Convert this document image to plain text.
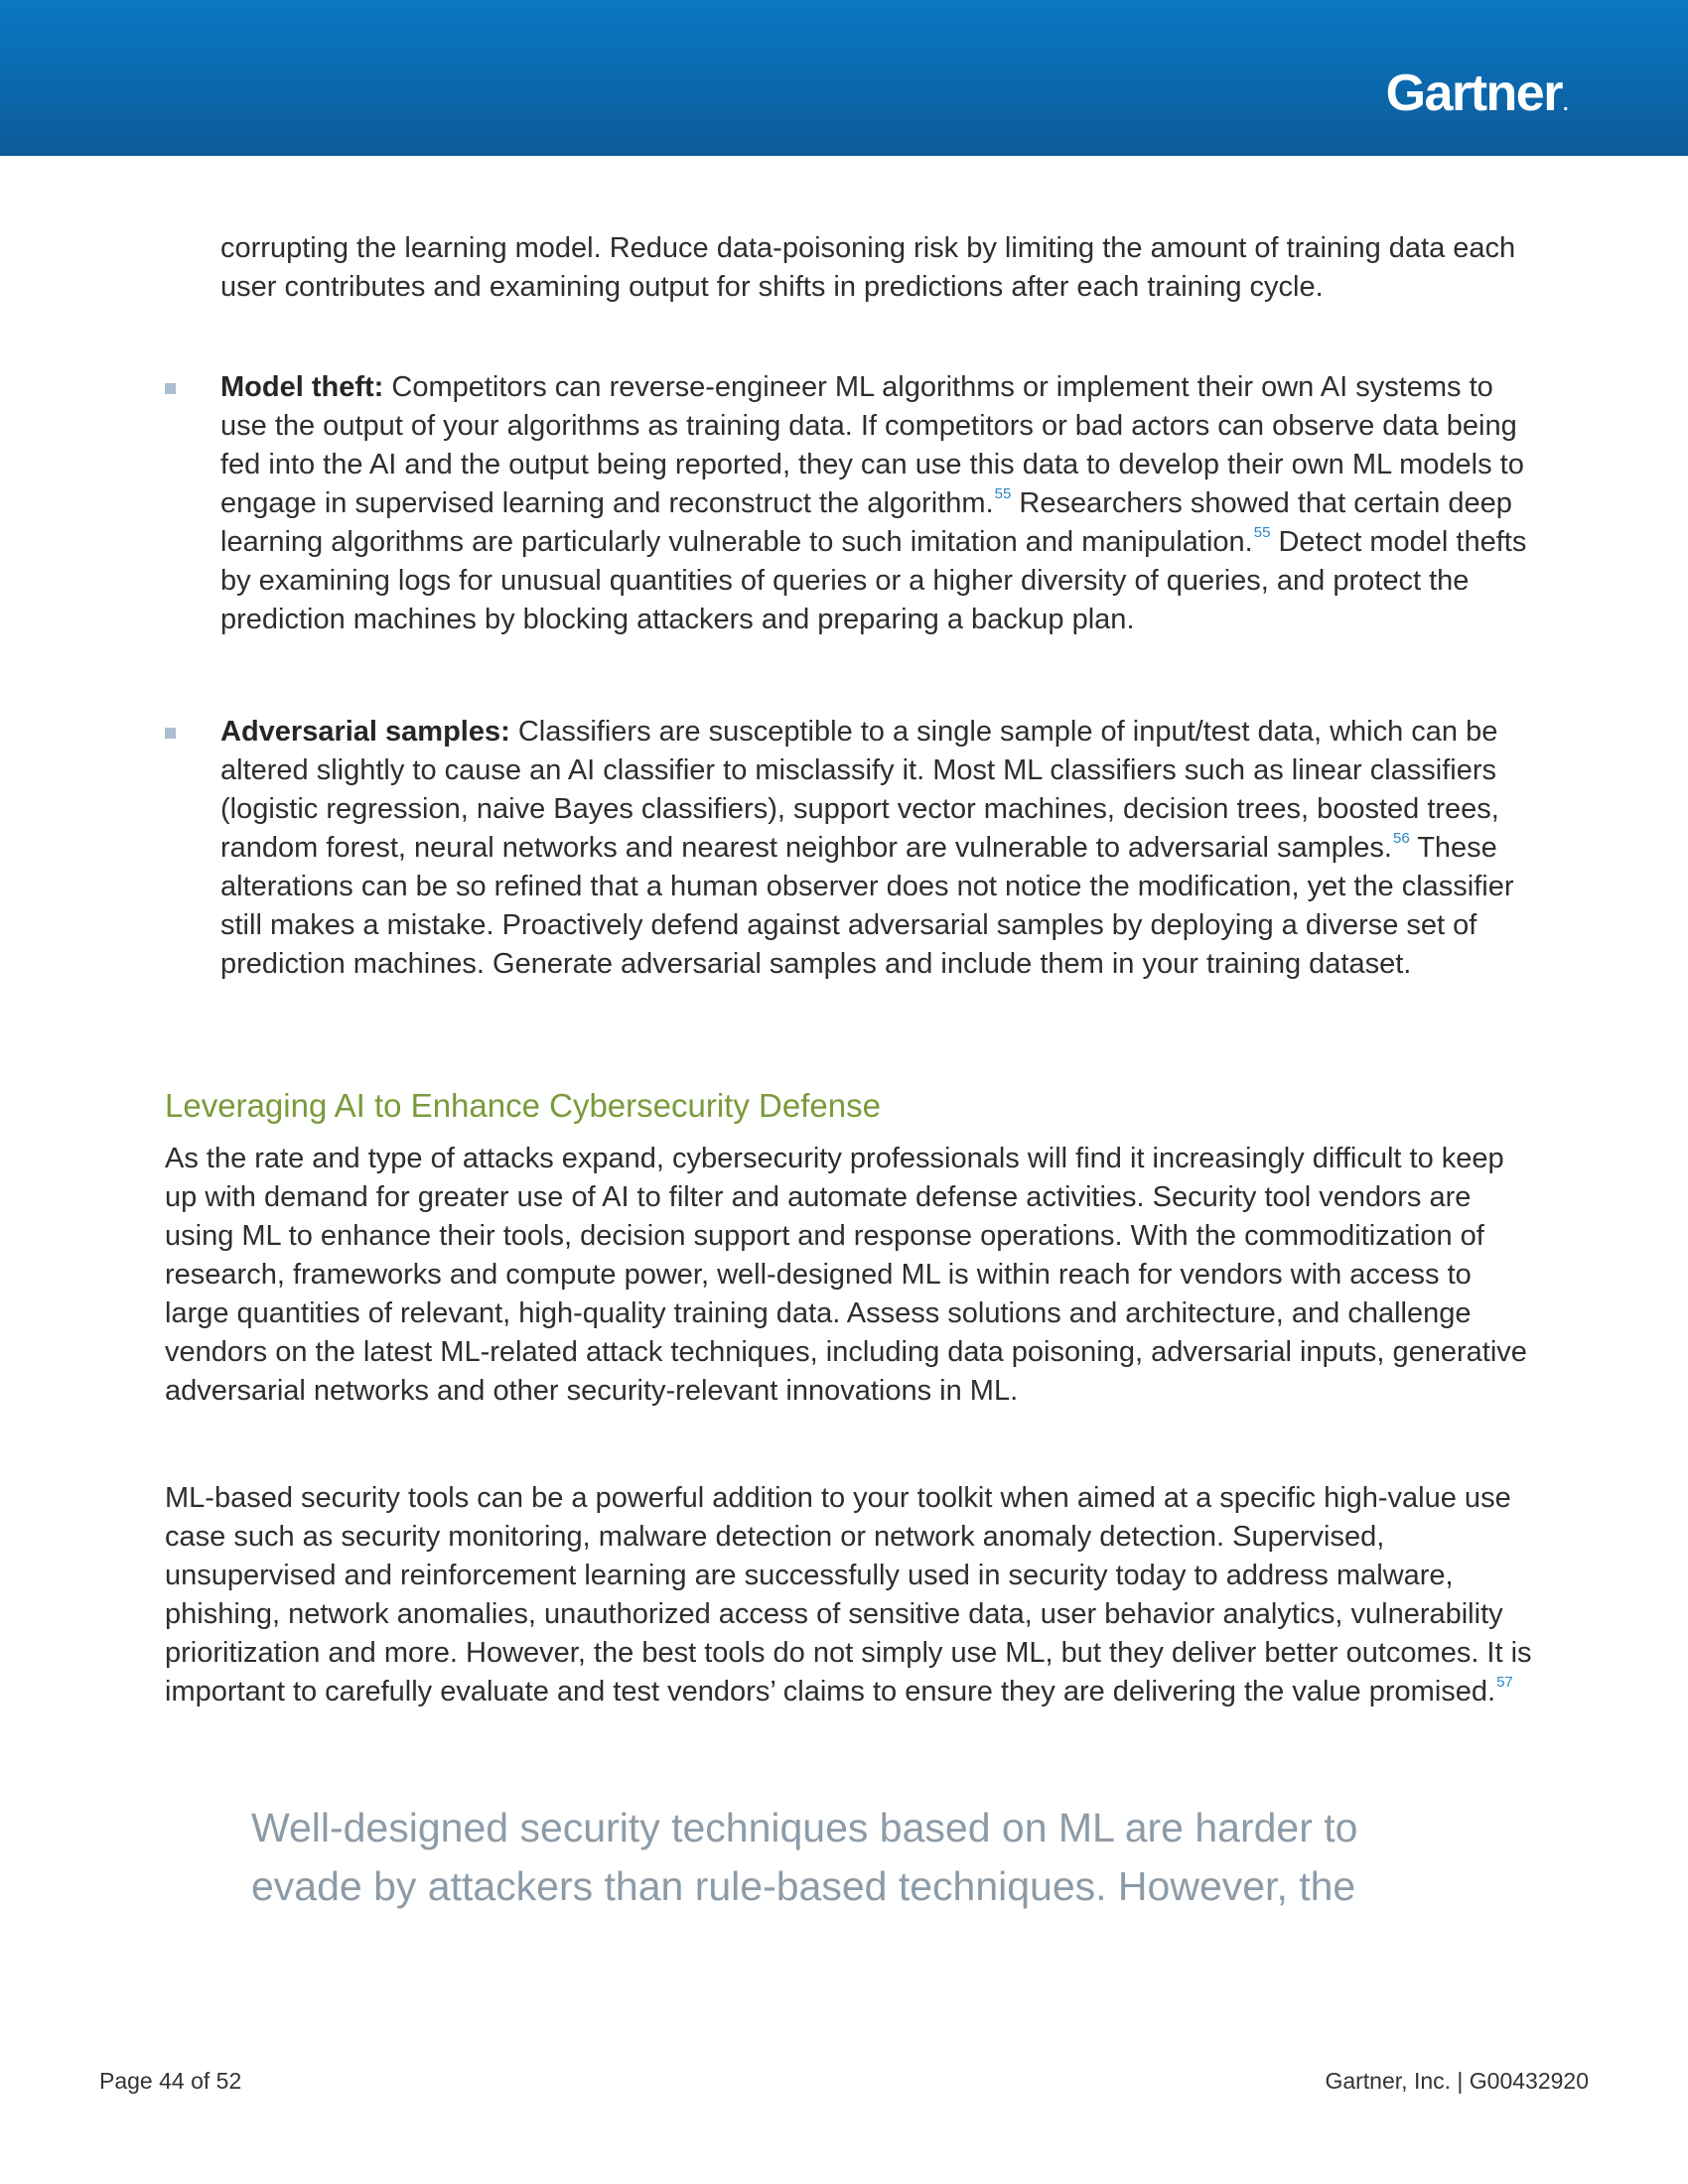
Gartner.

corrupting the learning model. Reduce data-poisoning risk by limiting the amount of training data each user contributes and examining output for shifts in predictions after each training cycle.

Model theft: Competitors can reverse-engineer ML algorithms or implement their own AI systems to use the output of your algorithms as training data. If competitors or bad actors can observe data being fed into the AI and the output being reported, they can use this data to develop their own ML models to engage in supervised learning and reconstruct the algorithm.$^{55}$ Researchers showed that certain deep learning algorithms are particularly vulnerable to such imitation and manipulation.$^{55}$ Detect model thefts by examining logs for unusual quantities of queries or a higher diversity of queries, and protect the prediction machines by blocking attackers and preparing a backup plan.

Adversarial samples: Classifiers are susceptible to a single sample of input/test data, which can be altered slightly to cause an AI classifier to misclassify it. Most ML classifiers such as linear classifiers (logistic regression, naive Bayes classifiers), support vector machines, decision trees, boosted trees, random forest, neural networks and nearest neighbor are vulnerable to adversarial samples.$^{56}$ These alterations can be so refined that a human observer does not notice the modification, yet the classifier still makes a mistake. Proactively defend against adversarial samples by deploying a diverse set of prediction machines. Generate adversarial samples and include them in your training dataset.

Leveraging AI to Enhance Cybersecurity Defense

As the rate and type of attacks expand, cybersecurity professionals will find it increasingly difficult to keep up with demand for greater use of AI to filter and automate defense activities. Security tool vendors are using ML to enhance their tools, decision support and response operations. With the commoditization of research, frameworks and compute power, well-designed ML is within reach for vendors with access to large quantities of relevant, high-quality training data. Assess solutions and architecture, and challenge vendors on the latest ML-related attack techniques, including data poisoning, adversarial inputs, generative adversarial networks and other security-relevant innovations in ML.

ML-based security tools can be a powerful addition to your toolkit when aimed at a specific high-value use case such as security monitoring, malware detection or network anomaly detection. Supervised, unsupervised and reinforcement learning are successfully used in security today to address malware, phishing, network anomalies, unauthorized access of sensitive data, user behavior analytics, vulnerability prioritization and more. However, the best tools do not simply use ML, but they deliver better outcomes. It is important to carefully evaluate and test vendors’ claims to ensure they are delivering the value promised.$^{57}$

Well-designed security techniques based on ML are harder to evade by attackers than rule-based techniques. However, the

Page 44 of 52	Gartner, Inc. | G00432920
